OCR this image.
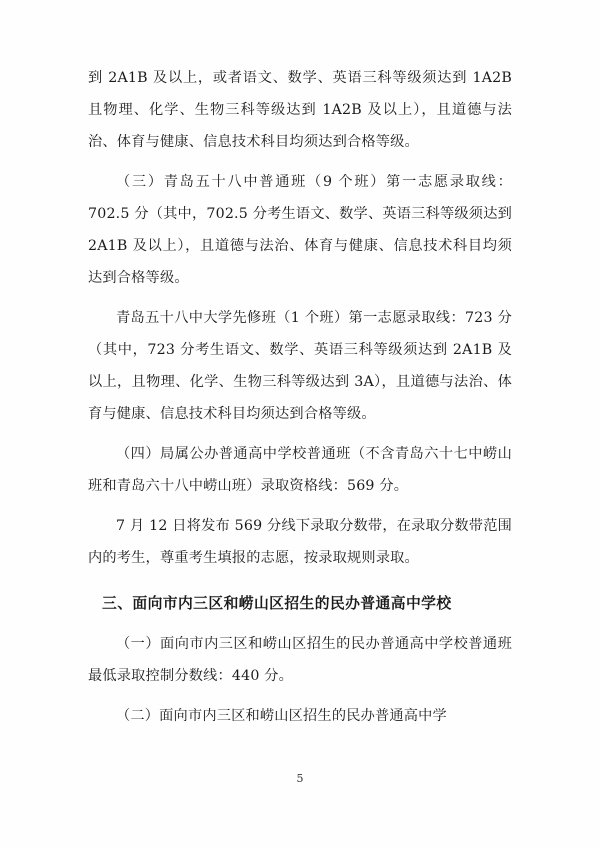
到 2A1B 及以上，或者语文、数学、英语三科等级须达到 1A2B 且物理、化学、生物三科等级达到 1A2B 及以上），且道德与法治、体育与健康、信息技术科目均须达到合格等级。

（三）青岛五十八中普通班（9 个班）第一志愿录取线：702.5 分（其中，702.5 分考生语文、数学、英语三科等级须达到 2A1B 及以上），且道德与法治、体育与健康、信息技术科目均须达到合格等级。

青岛五十八中大学先修班（1 个班）第一志愿录取线：723 分（其中，723 分考生语文、数学、英语三科等级须达到 2A1B 及以上，且物理、化学、生物三科等级达到 3A），且道德与法治、体育与健康、信息技术科目均须达到合格等级。

（四）局属公办普通高中学校普通班（不含青岛六十七中崂山班和青岛六十八中崂山班）录取资格线：569 分。

7 月 12 日将发布 569 分线下录取分数带，在录取分数带范围内的考生，尊重考生填报的志愿，按录取规则录取。

三、面向市内三区和崂山区招生的民办普通高中学校

（一）面向市内三区和崂山区招生的民办普通高中学校普通班最低录取控制分数线：440 分。

（二）面向市内三区和崂山区招生的民办普通高中学

5
